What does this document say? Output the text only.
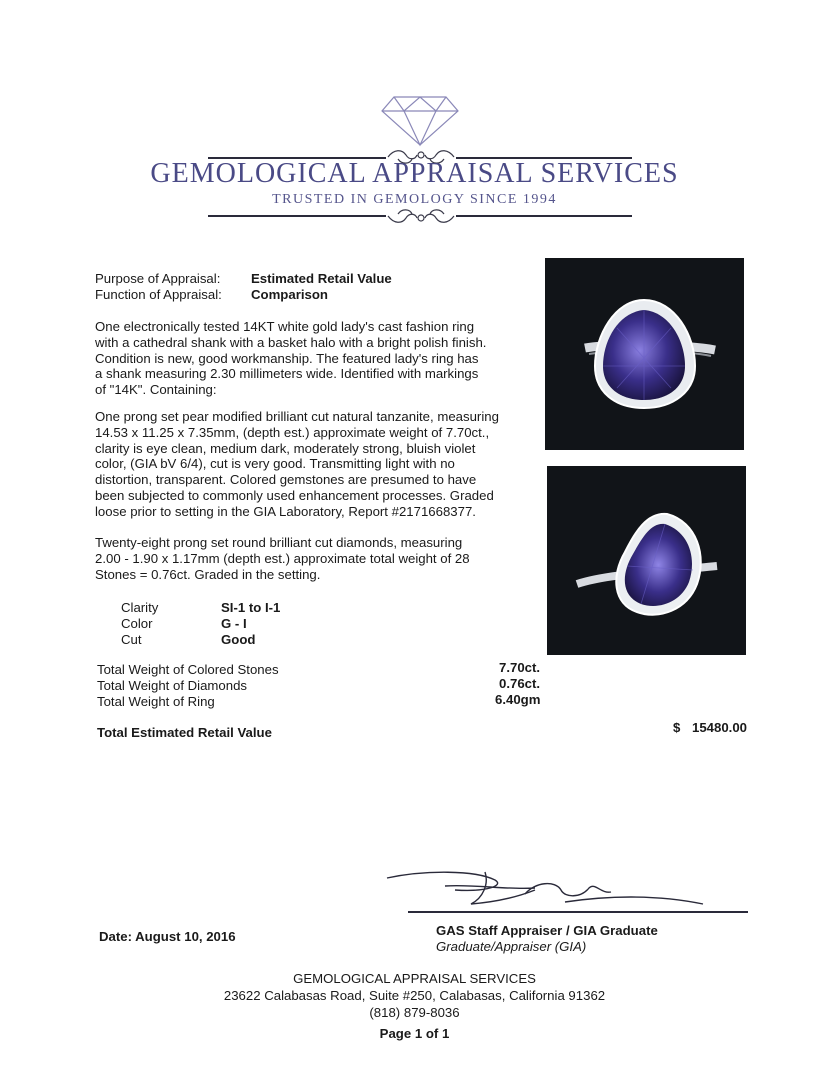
GEMOLOGICAL APPRAISAL SERVICES
TRUSTED IN GEMOLOGY SINCE 1994
Purpose of Appraisal: Estimated Retail Value
Function of Appraisal: Comparison
One electronically tested 14KT white gold lady's cast fashion ring
with a cathedral shank with a basket halo with a bright polish finish.
Condition is new, good workmanship. The featured lady's ring has
a shank measuring 2.30 millimeters wide. Identified with markings
of "14K". Containing:
One prong set pear modified brilliant cut natural tanzanite, measuring
14.53 x 11.25 x 7.35mm, (depth est.) approximate weight of 7.70ct.,
clarity is eye clean, medium dark, moderately strong, bluish violet
color, (GIA bV 6/4), cut is very good. Transmitting light with no
distortion, transparent. Colored gemstones are presumed to have
been subjected to commonly used enhancement processes. Graded
loose prior to setting in the GIA Laboratory, Report #2171668377.
Twenty-eight prong set round brilliant cut diamonds, measuring
2.00 - 1.90 x 1.17mm (depth est.) approximate total weight of 28
Stones = 0.76ct. Graded in the setting.
Clarity	SI-1 to I-1
Color	G - I
Cut	Good
Total Weight of Colored Stones	7.70ct.
Total Weight of Diamonds	0.76ct.
Total Weight of Ring	6.40gm
Total Estimated Retail Value	$ 15480.00
Date: August 10, 2016	GAS Staff Appraiser / GIA Graduate
Graduate/Appraiser (GIA)
GEMOLOGICAL APPRAISAL SERVICES
23622 Calabasas Road, Suite #250, Calabasas, California 91362
(818) 879-8036
Page 1 of 1
